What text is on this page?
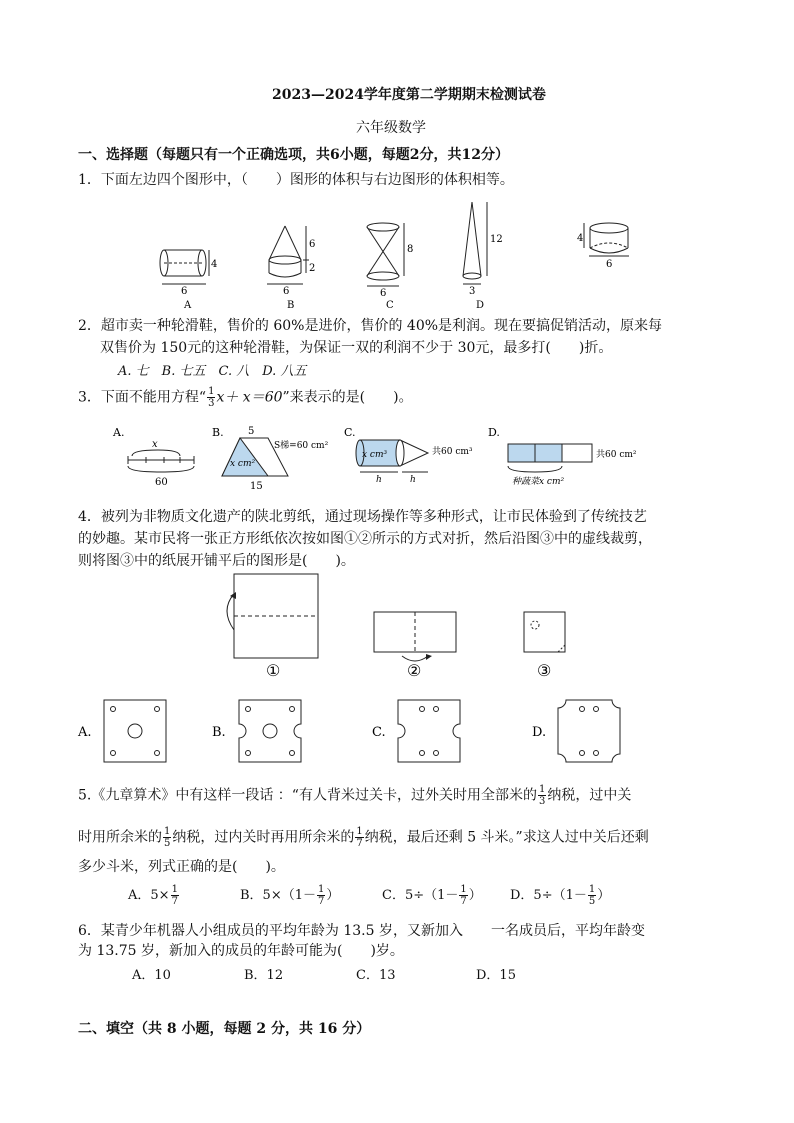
2023—2024学年度第二学期期末检测试卷
六年级数学
一、选择题（每题只有一个正确选项，共6小题，每题2分，共12分）
1．下面左边四个图形中，（　　）图形的体积与右边图形的体积相等。
4
6
A
6
2
6
B
8
6
C
12
3
D
4
6
2．超市卖一种轮滑鞋，售价的 60%是进价，售价的 40%是利润。现在要搞促销活动，原来每
双售价为 150元的这种轮滑鞋，为保证一双的利润不少于 30元，最多打(　　)折。
A. 七　B. 七五　C. 八　D. 八五
3．下面不能用方程“ $\frac{1}{3} x+ x=60$”来表示的是(　　)。
A.
x
60
B. 5
x cm²
S梯=60 cm²
15
C.
x cm³
h	h
共60 cm³
D.
共60 cm²
种蔬菜x cm²
4．被列为非物质文化遗产的陕北剪纸，通过现场操作等多种形式，让市民体验到了传统技艺
的妙趣。某市民将一张正方形纸依次按如图①②所示的方式对折，然后沿图③中的虚线裁剪，
则将图③中的纸展开铺平后的图形是(　　)。
①	②	③
A.	B.	C.	D.
5.《九章算术》中有这样一段话 ：“有人背米过关卡，过外关时用全部米的 $\frac{1}{3}$ 纳税，过中关
时用所余米的 $\frac{1}{5}$ 纳税，过内关时再用所余米的 $\frac{1}{7}$ 纳税，最后还剩 5 斗米。”求这人过中关后还剩
多少斗米，列式正确的是(　　)。
A．$5\times \frac{1}{7}$	B．$5\times(1- \frac{1}{7}$ ）	C．$5\div(1- \frac{1}{7}$ ） D．$5\div(1- \frac{1}{5}$ ）
6．某青少年机器人小组成员的平均年龄为 13.5 岁，又新加入　　一名成员后，平均年龄变
为 13.75 岁，新加入的成员的年龄可能为(　　)岁。
A．10	B．12	C．13	D．15
二、填空（共 8 小题，每题 2 分，共 16 分）
